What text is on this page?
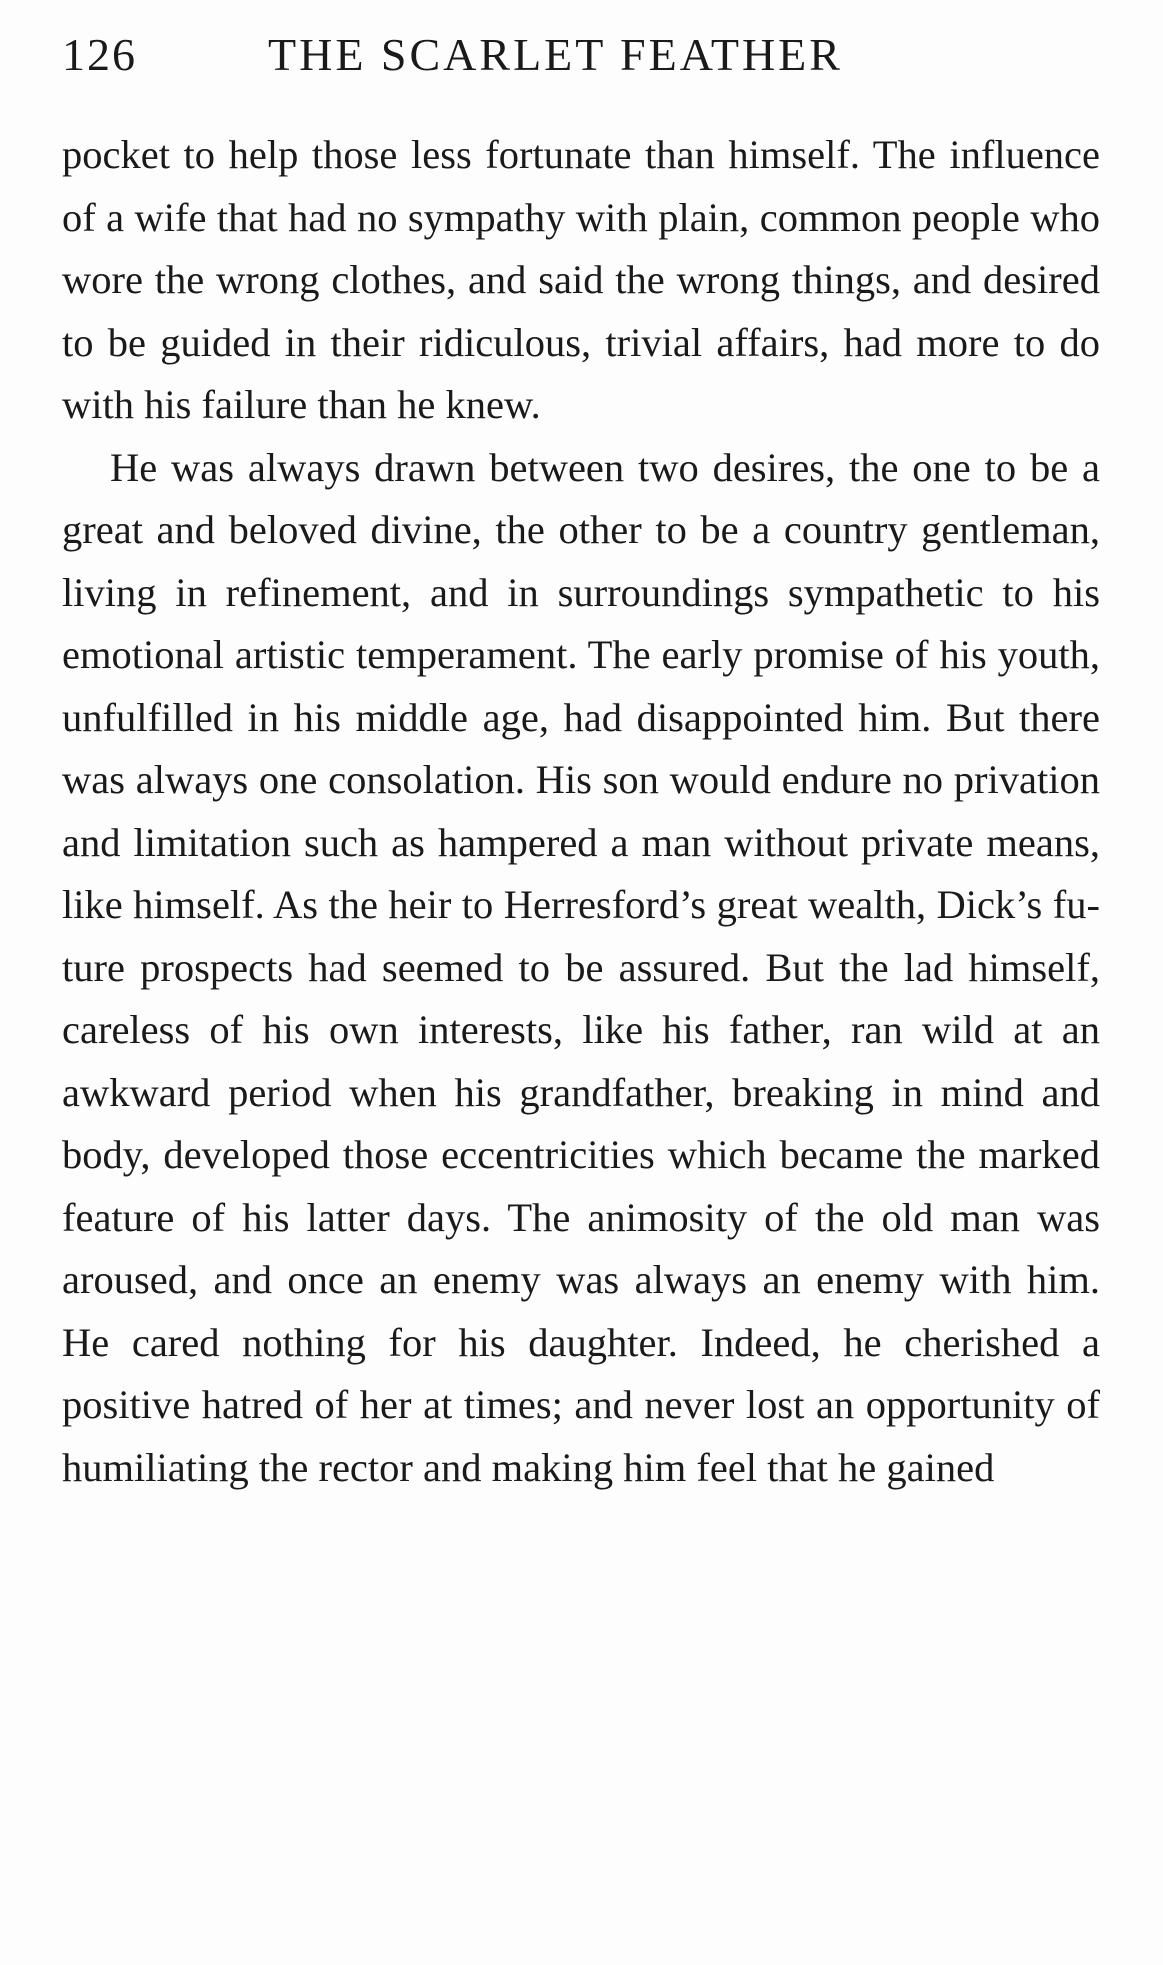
126	THE SCARLET FEATHER

pocket to help those less fortunate than himself. The influence of a wife that had no sympathy with plain, common people who wore the wrong clothes, and said the wrong things, and desired to be guided in their ridiculous, trivial affairs, had more to do with his failure than he knew.

He was always drawn between two desires, the one to be a great and beloved divine, the other to be a country gentleman, living in refinement, and in surroundings sympathetic to his emotional artistic temperament. The early promise of his youth, unfulfilled in his middle age, had disappointed him. But there was always one consolation. His son would endure no privation and limitation such as hampered a man without private means, like himself. As the heir to Herresford’s great wealth, Dick’s future prospects had seemed to be assured. But the lad himself, careless of his own interests, like his father, ran wild at an awkward period when his grandfather, breaking in mind and body, developed those eccentricities which became the marked feature of his latter days. The animosity of the old man was aroused, and once an enemy was always an enemy with him. He cared nothing for his daughter. Indeed, he cherished a positive hatred of her at times; and never lost an opportunity of humiliating the rector and making him feel that he gained
